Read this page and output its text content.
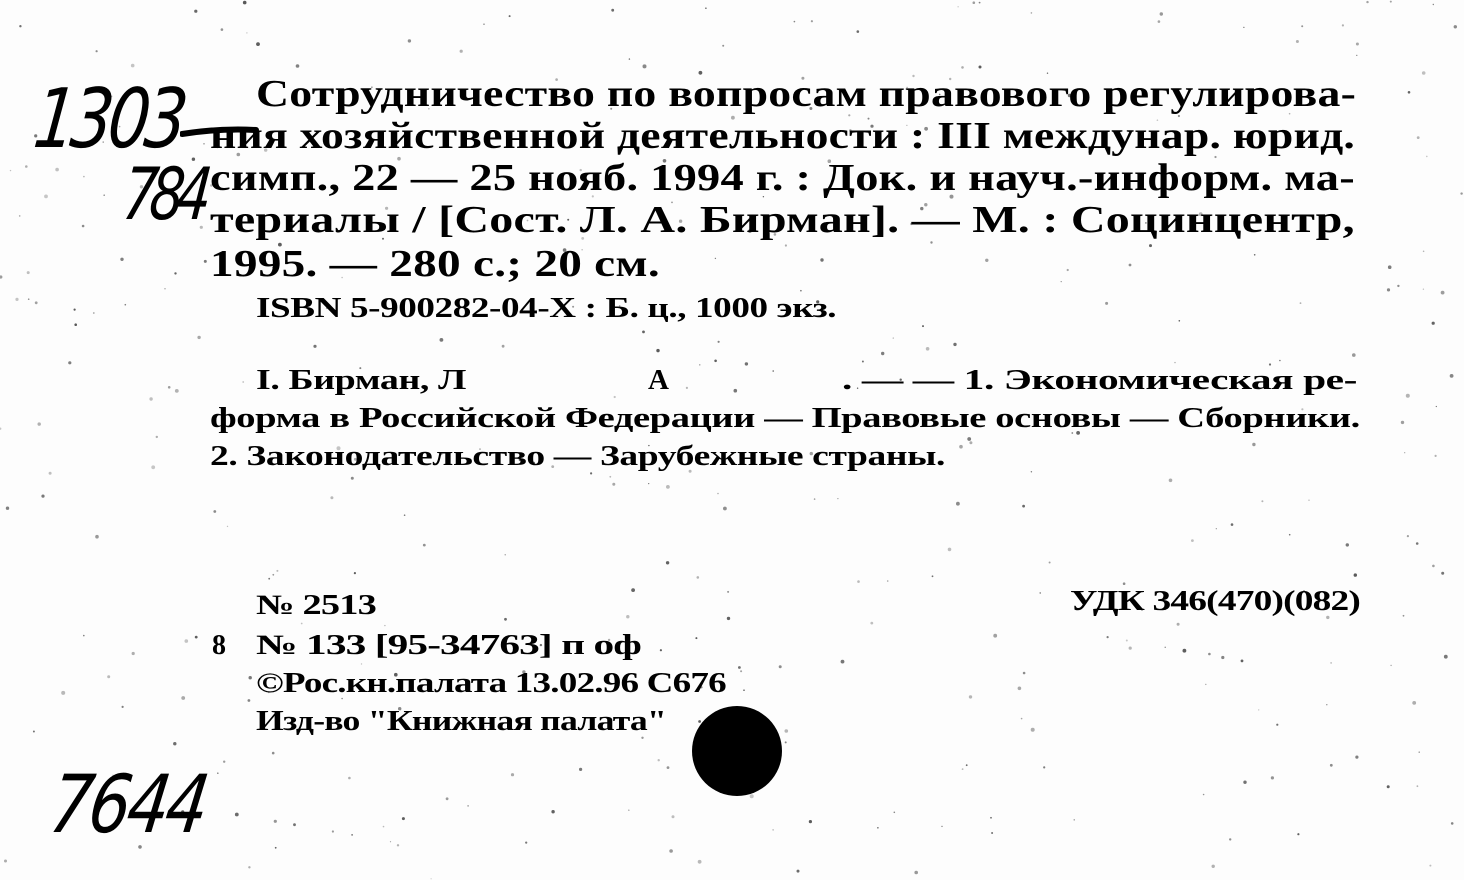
1303
784
7644
Сотрудничество по вопросам правового регулирова-
ния хозяйственной деятельности : III междунар. юрид.
симп., 22 — 25 нояб. 1994 г. : Док. и науч.-информ. ма-
териалы / [Сост. Л. А. Бирман]. — М. : Социнцентр,
1995. — 280 с.; 20 см.
ISBN 5-900282-04-X : Б. ц., 1000 экз.
I. Бирман, Л	А	. — — 1. Экономическая ре-
форма в Российской Федерации — Правовые основы — Сборники.
2. Законодательство — Зарубежные страны.
№ 2513	УДК 346(470)(082)
8 № 133 [95-34763] п оф
©Рос.кн.палата 13.02.96 С676
Изд-во "Книжная палата"
